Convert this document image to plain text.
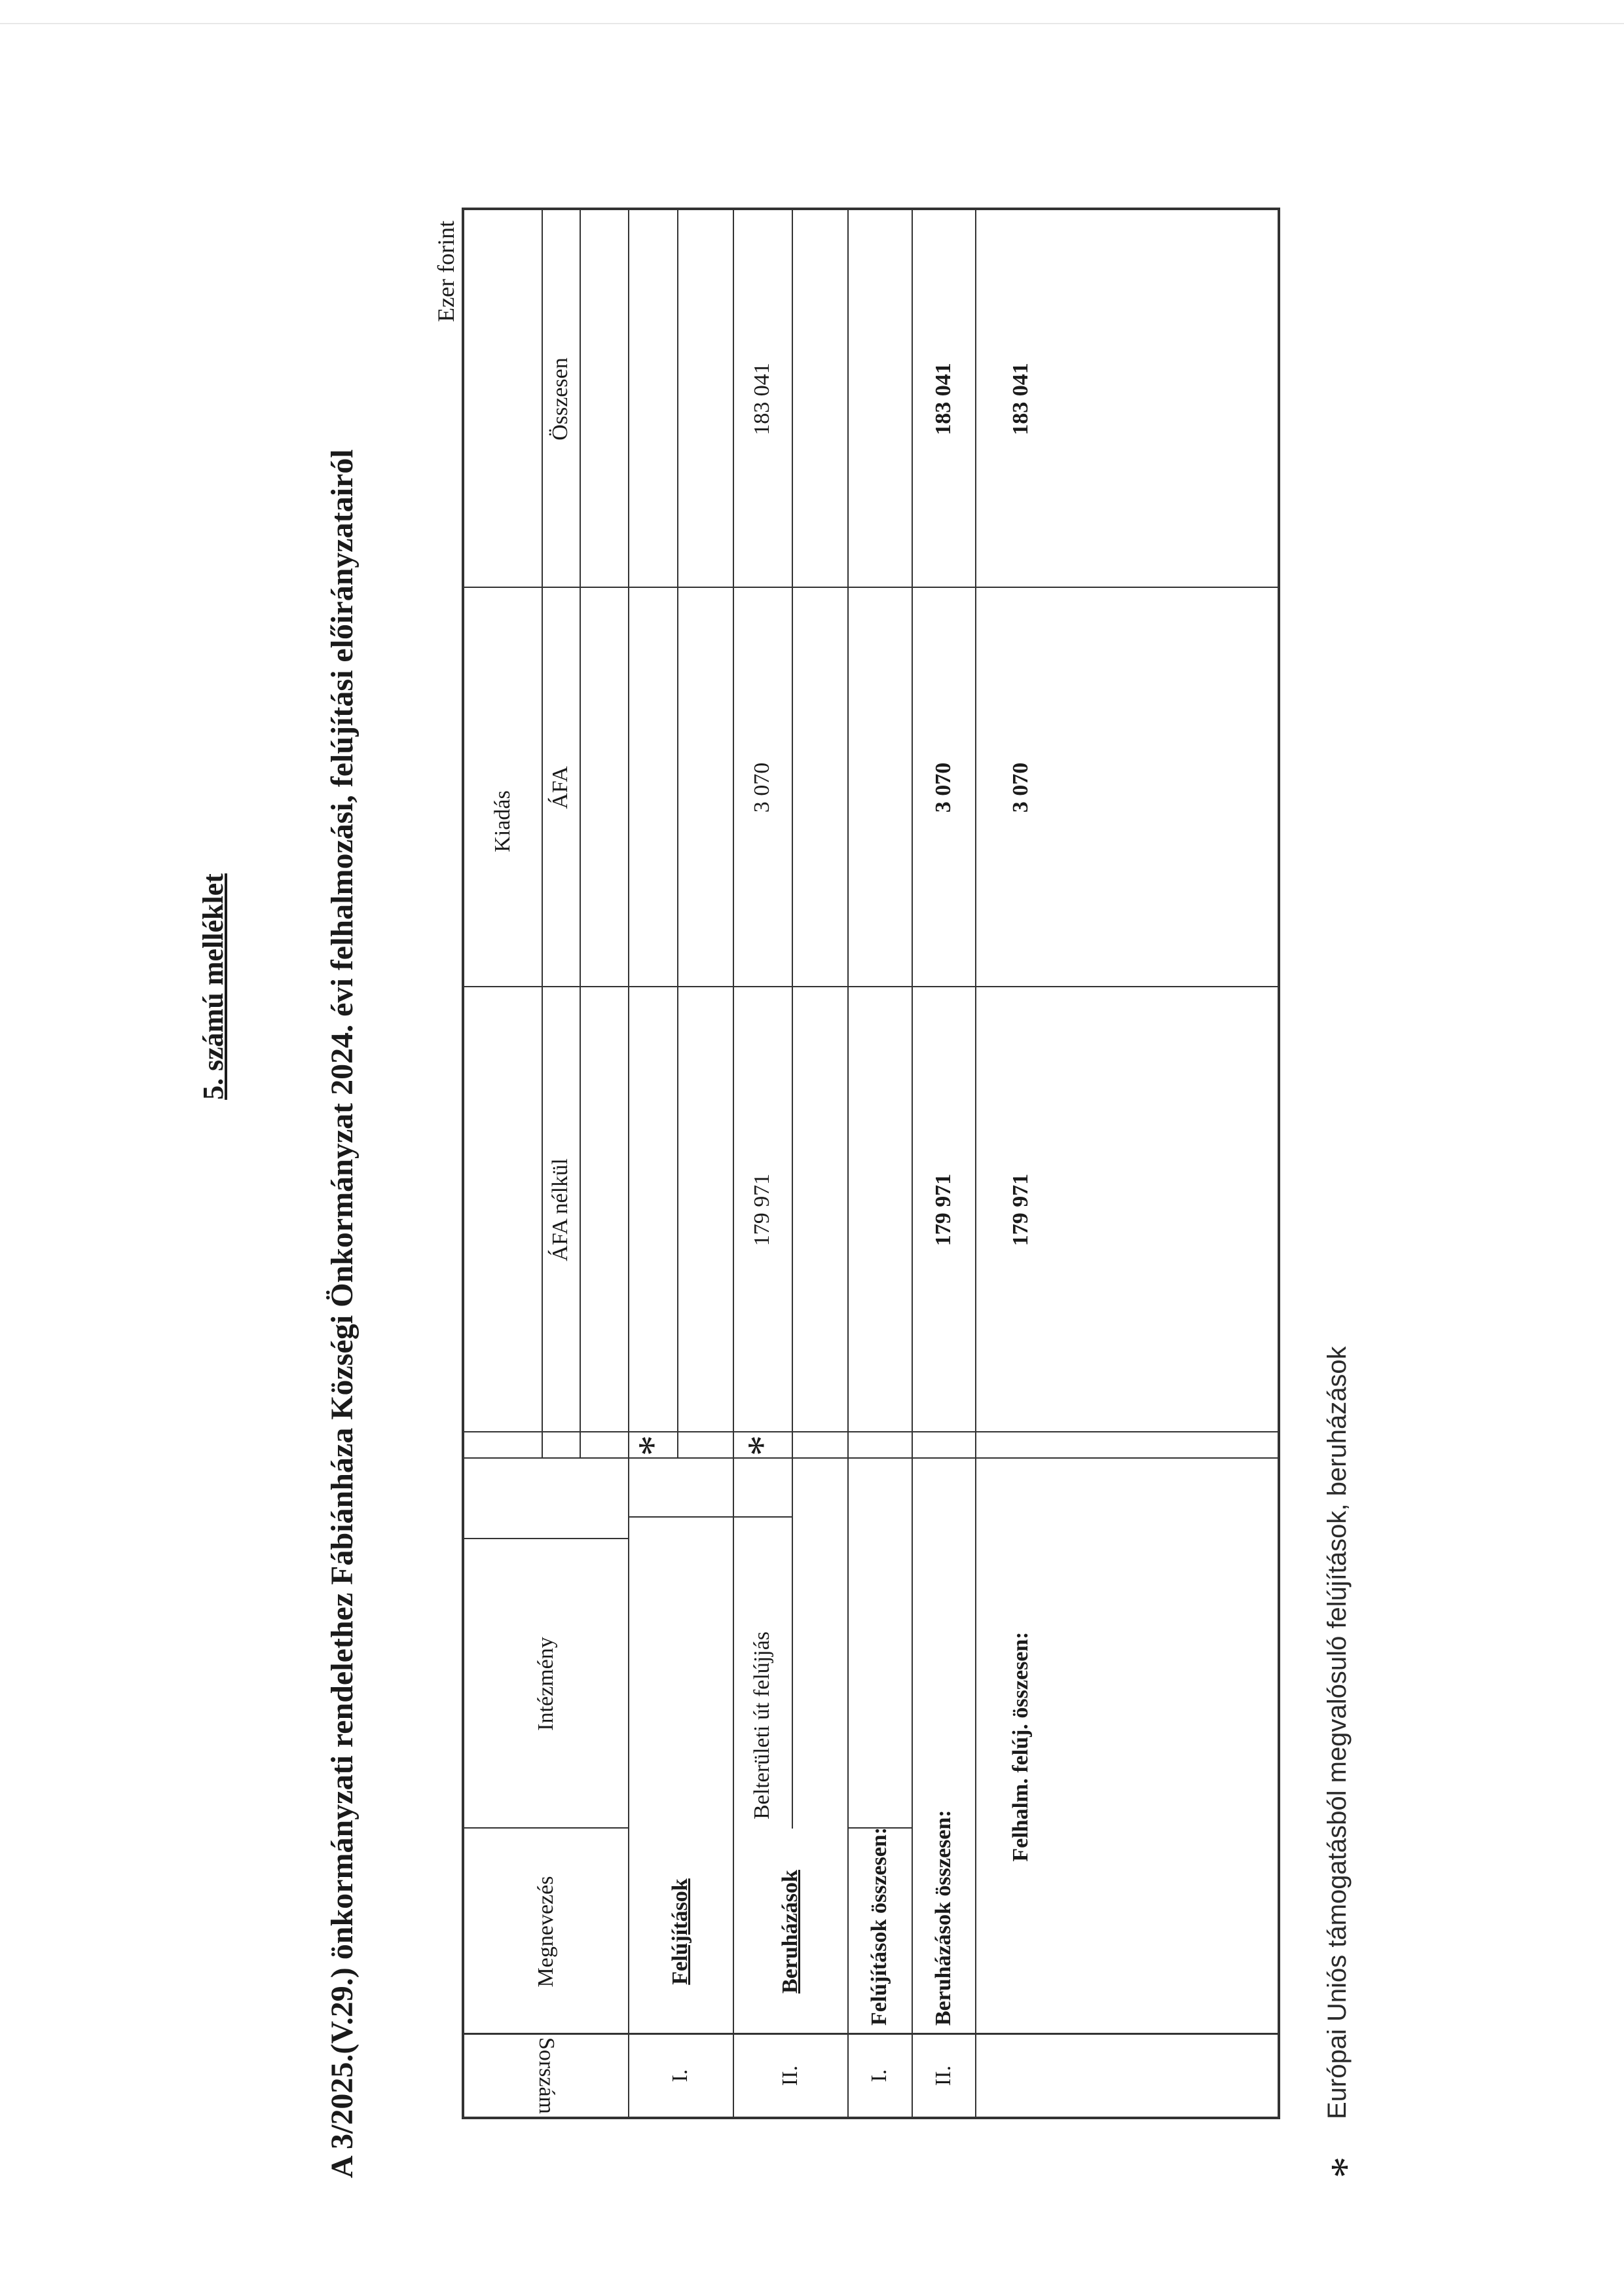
5. számú melléklet	A 3/2025.(V.29.) önkormányzati rendelethez Fábiánháza Községi Önkormányzat 2024. évi felhalmozási, felújítási előirányzatairól
Ezer forint
Sorszám
Megnevezés
Intézmény
Kiadás
ÁFA nélkül
ÁFA
Összesen
I.
Felújítások
*
II.
Beruházások
Belterületi út felújjás
*
179 971
3 070
183 041
I.
Felújítások összesen:
II.
Beruházások összesen:
179 971
3 070
183 041
Felhalm. felúj. összesen:
179 971
3 070
183 041
*
Európai Uniós támogatásból megvalósuló felújítások, beruházások
